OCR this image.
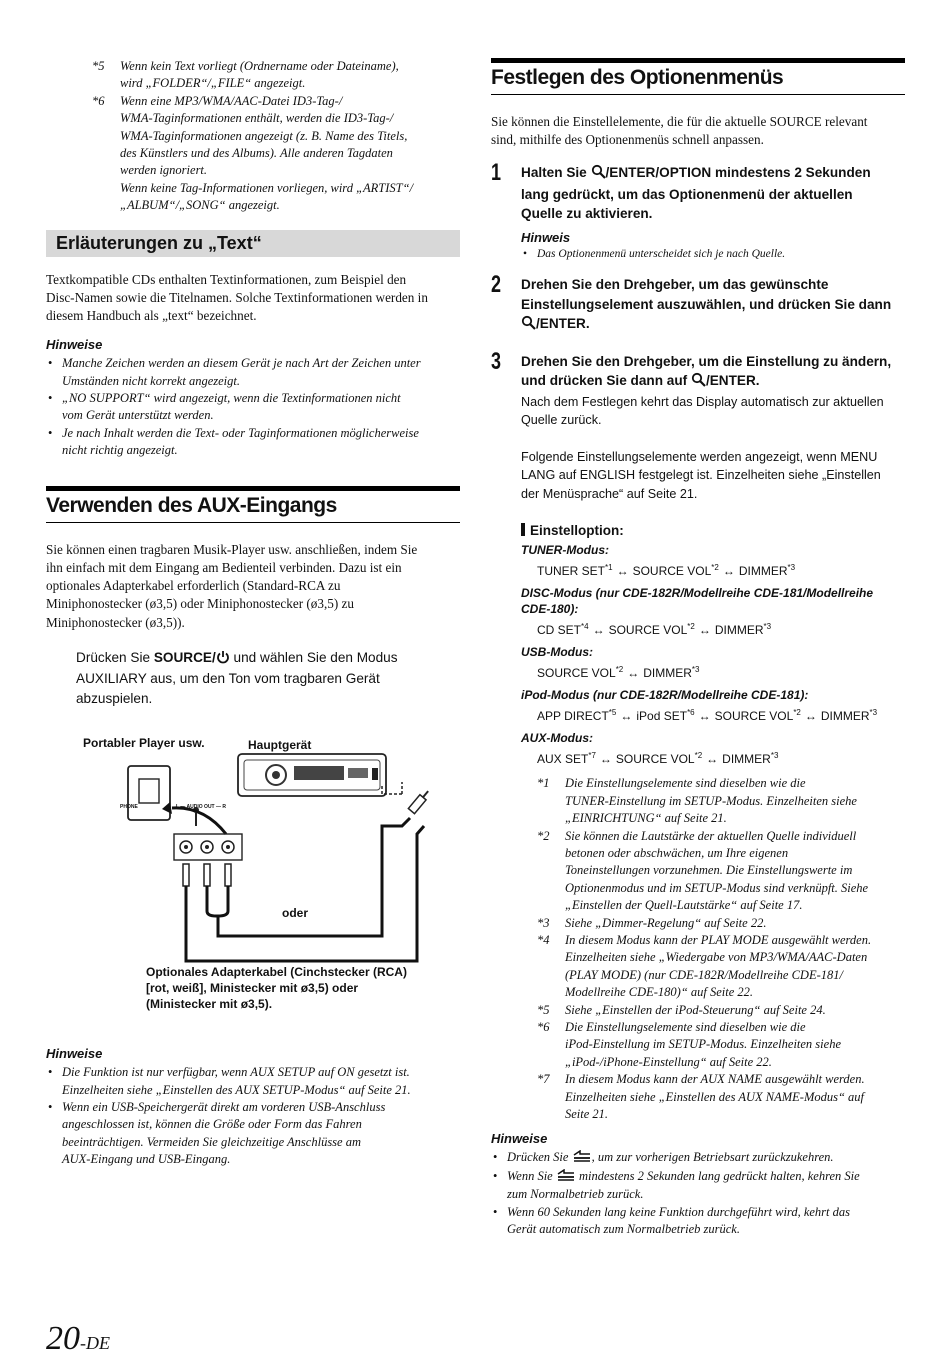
*5 Wenn kein Text vorliegt (Ordnername oder Dateiname),
wird „FOLDER“/„FILE“ angezeigt.
*6 Wenn eine MP3/WMA/AAC-Datei ID3-Tag-/
WMA-Taginformationen enthält, werden die ID3-Tag-/
WMA-Taginformationen angezeigt (z. B. Name des Titels,
des Künstlers und des Albums). Alle anderen Tagdaten
werden ignoriert.
Wenn keine Tag-Informationen vorliegen, wird „ARTIST“/
„ALBUM“/„SONG“ angezeigt.
Erläuterungen zu „Text“
Textkompatible CDs enthalten Textinformationen, zum Beispiel den
Disc-Namen sowie die Titelnamen. Solche Textinformationen werden in
diesem Handbuch als „text“ bezeichnet.
Hinweise
• Manche Zeichen werden an diesem Gerät je nach Art der Zeichen unter
Umständen nicht korrekt angezeigt.
• „NO SUPPORT“ wird angezeigt, wenn die Textinformationen nicht
vom Gerät unterstützt werden.
• Je nach Inhalt werden die Text- oder Taginformationen möglicherweise
nicht richtig angezeigt.
Verwenden des AUX-Eingangs
Sie können einen tragbaren Musik-Player usw. anschließen, indem Sie
ihn einfach mit dem Eingang am Bedienteil verbinden. Dazu ist ein
optionales Adapterkabel erforderlich (Standard-RCA zu
Miniphonostecker (ø3,5) oder Miniphonostecker (ø3,5) zu
Miniphonostecker (ø3,5)).
Drücken Sie SOURCE/ und wählen Sie den Modus
AUXILIARY aus, um den Ton vom tragbaren Gerät
abzuspielen.
Portabler Player usw.	Hauptgerät
PHONE	L — AUDIO OUT — R
oder
Optionales Adapterkabel (Cinchstecker (RCA)
[rot, weiß], Ministecker mit ø3,5) oder
(Ministecker mit ø3,5).
Hinweise
• Die Funktion ist nur verfügbar, wenn AUX SETUP auf ON gesetzt ist.
Einzelheiten siehe „Einstellen des AUX SETUP-Modus“ auf Seite 21.
• Wenn ein USB-Speichergerät direkt am vorderen USB-Anschluss
angeschlossen ist, können die Größe oder Form das Fahren
beeinträchtigen. Vermeiden Sie gleichzeitige Anschlüsse am
AUX-Eingang und USB-Eingang.
Festlegen des Optionenmenüs
Sie können die Einstellelemente, die für die aktuelle SOURCE relevant
sind, mithilfe des Optionenmenüs schnell anpassen.
1 Halten Sie /ENTER/OPTION mindestens 2 Sekunden
lang gedrückt, um das Optionenmenü der aktuellen
Quelle zu aktivieren.
Hinweis
• Das Optionenmenü unterscheidet sich je nach Quelle.
2 Drehen Sie den Drehgeber, um das gewünschte
Einstellungselement auszuwählen, und drücken Sie dann
/ENTER.
3 Drehen Sie den Drehgeber, um die Einstellung zu ändern,
und drücken Sie dann auf /ENTER.
Nach dem Festlegen kehrt das Display automatisch zur aktuellen
Quelle zurück.
Folgende Einstellungselemente werden angezeigt, wenn MENU
LANG auf ENGLISH festgelegt ist. Einzelheiten siehe „Einstellen
der Menüsprache“ auf Seite 21.
Einstelloption:
TUNER-Modus:
TUNER SET$^{*1}$ ↔ SOURCE VOL$^{*2}$ ↔ DIMMER$^{*3}$
DISC-Modus (nur CDE-182R/Modellreihe CDE-181/Modellreihe
CDE-180):
CD SET$^{*4}$ ↔ SOURCE VOL$^{*2}$ ↔ DIMMER$^{*3}$
USB-Modus:
SOURCE VOL$^{*2}$ ↔ DIMMER$^{*3}$
iPod-Modus (nur CDE-182R/Modellreihe CDE-181):
APP DIRECT$^{*5}$ ↔ iPod SET$^{*6}$ ↔ SOURCE VOL$^{*2}$ ↔ DIMMER$^{*3}$
AUX-Modus:
AUX SET$^{*7}$ ↔ SOURCE VOL$^{*2}$ ↔ DIMMER$^{*3}$
*1 Die Einstellungselemente sind dieselben wie die
TUNER-Einstellung im SETUP-Modus. Einzelheiten siehe
„EINRICHTUNG“ auf Seite 21.
*2 Sie können die Lautstärke der aktuellen Quelle individuell
betonen oder abschwächen, um Ihre eigenen
Toneinstellungen vorzunehmen. Die Einstellungswerte im
Optionenmodus und im SETUP-Modus sind verknüpft. Siehe
„Einstellen der Quell-Lautstärke“ auf Seite 17.
*3 Siehe „Dimmer-Regelung“ auf Seite 22.
*4 In diesem Modus kann der PLAY MODE ausgewählt werden.
Einzelheiten siehe „Wiedergabe von MP3/WMA/AAC-Daten
(PLAY MODE) (nur CDE-182R/Modellreihe CDE-181/
Modellreihe CDE-180)“ auf Seite 22.
*5 Siehe „Einstellen der iPod-Steuerung“ auf Seite 24.
*6 Die Einstellungselemente sind dieselben wie die
iPod-Einstellung im SETUP-Modus. Einzelheiten siehe
„iPod-/iPhone-Einstellung“ auf Seite 22.
*7 In diesem Modus kann der AUX NAME ausgewählt werden.
Einzelheiten siehe „Einstellen des AUX NAME-Modus“ auf
Seite 21.
Hinweise
• Drücken Sie , um zur vorherigen Betriebsart zurückzukehren.
• Wenn Sie  mindestens 2 Sekunden lang gedrückt halten, kehren Sie
zum Normalbetrieb zurück.
• Wenn 60 Sekunden lang keine Funktion durchgeführt wird, kehrt das
Gerät automatisch zum Normalbetrieb zurück.
20-DE
